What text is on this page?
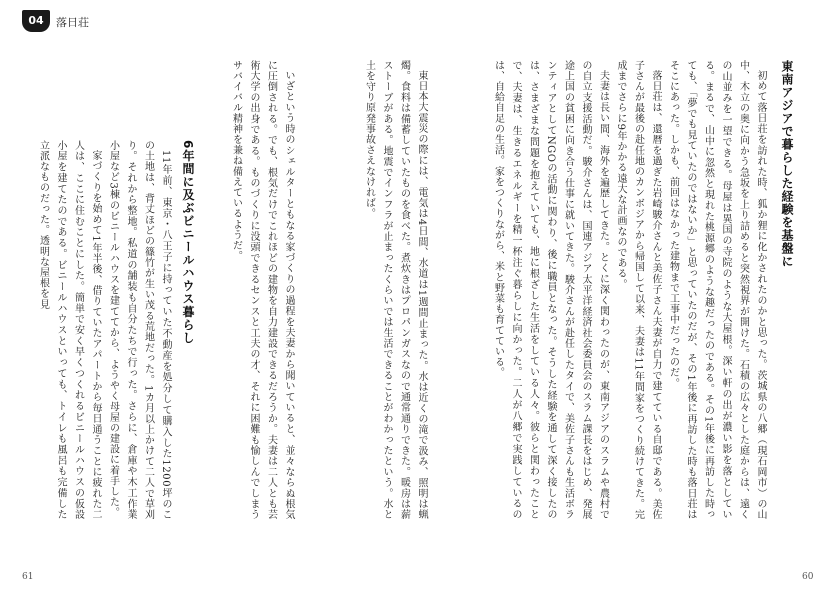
04	落日荘
東南アジアで暮らした経験を基盤に

初めて落日荘を訪れた時、狐か狸に化かされたのかと思った。茨城県の八郷（現石岡市）の山中、木立の奥に向かう急坂を上り詰めると突然視界が開けた。石積の広々とした庭からは、遠くの山並みを一望できる。母屋は異国の寺院のような大屋根。深い軒の出が濃い影を落としている。まるで、山中に忽然と現れた桃源郷のような趣だったのである。その1年後に再訪した時っても、「夢でも見ていたのではないか」と思っていたのだが、その1年後に再訪した時も落日荘はそこにあった。しかも、前回はなかった建物まで工事中だったのだ。

落日荘は、還暦を過ぎた岩崎駿介さんと美佐子さん夫妻が自力で建てている自邸である。美佐子さんが最後の赴任地のカンボジアから帰国して以来、夫妻は11年間家をつくり続けてきた。完成までさらに9年かかる遠大な計画なのである。

夫妻は長い間、海外を遍歴してきた。とくに深く関わったのが、東南アジアのスラムや農村での自立支援活動だ。駿介さんは、国連アジア太平洋経済社会委員会のスラム課長をはじめ、発展途上国の貧困に向き合う仕事に就いてきた。駿介さんが赴任したタイで、美佐子さんも生活ボランティアとしてNGOの活動に関わり、後に職員となった。そうした経験を通して深く接したのは、さまざまな問題を抱えていても、地に根ざした生活をしている人々。彼らと関わったことで、夫妻は、生きるエネルギーを精一杯注ぐ暮らしに向かった。二人が八郷で実践しているのは、自給自足の生活。家をつくりながら、米と野菜も育てている。

東日本大震災の際には、電気は4日間、水道は1週間止まった。水は近くの滝で汲み、照明は蝋燭。食料は備蓄していたものを食べた。煮炊きはプロパンガスなので通常通りできた。暖房は薪ストーブがある。地震でインフラが止まったくらいでは生活できることがわかったという。水と土を守り原発事故さえなければ。

60

いざという時のシェルターともなる家づくりの過程を夫妻から聞いていると、並々ならぬ根気に圧倒される。でも、根気だけでこれほどの建物を自力建設できるだろうか。夫妻は二人とも芸術大学の出身である。ものづくりに没頭できるセンスと工夫の才、それに困難も愉しんでしまうサバイバル精神を兼ね備えているようだ。

6年間に及ぶビニールハウス暮らし

11年前、東京・八王子に持っていた不動産を処分して購入した1200坪のこの土地は、背丈ほどの篠竹が生い茂る荒地だった。1カ月以上かけて二人で草刈り。それから整地。私道の舗装も自分たちで行った。さらに、倉庫や木工作業小屋など3棟のビニールハウスを建ててから、ようやく母屋の建設に着手した。

家づくりを始めて1年半後、借りていたアパートから毎日通うことに疲れた二人は、ここに住むことにした。簡単で安く早くつくれるビニールハウスの仮設小屋を建てたのである。ビニールハウスといっても、トイレも風呂も完備した立派なものだった。透明な屋根を見

61
